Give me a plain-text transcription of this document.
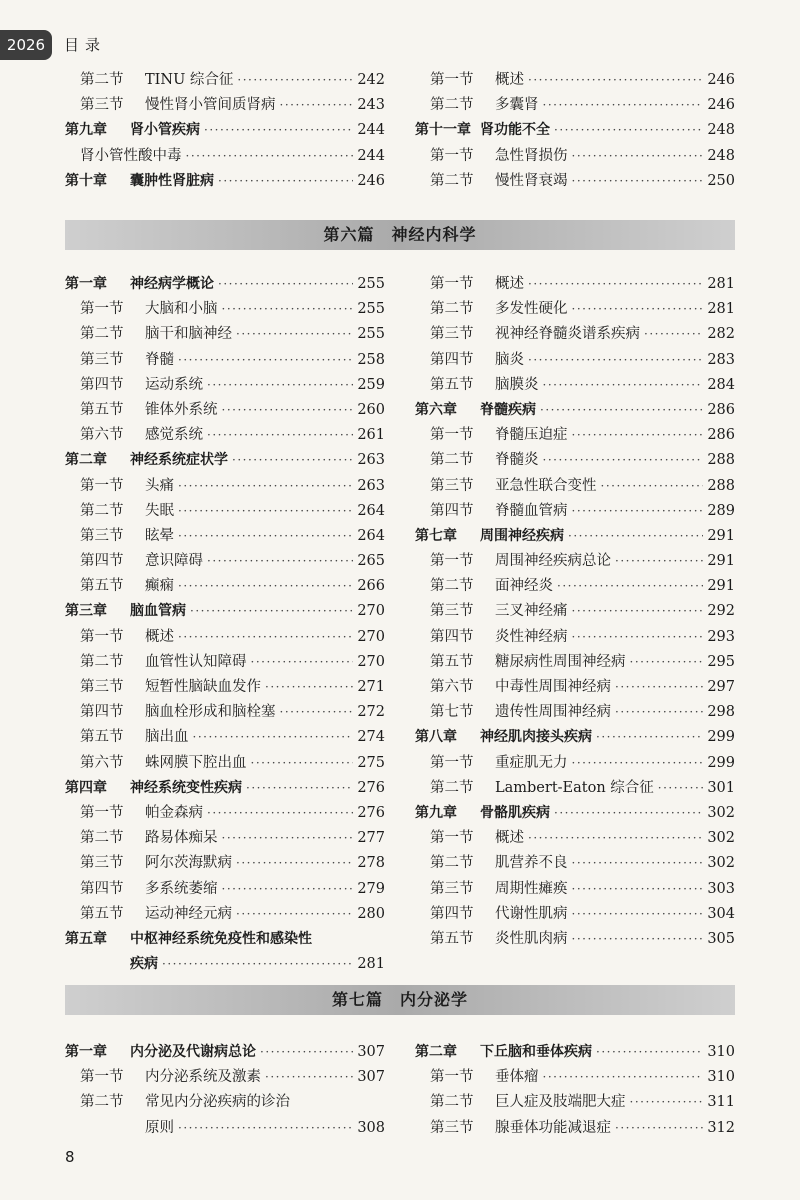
2026	目录
第二节	TINU 综合征 ·····	242
第三节	慢性肾小管间质肾病 ·····	243
第九章	肾小管疾病 ·····	244
肾小管性酸中毒 ·····	244
第十章	囊肿性肾脏病 ·····	246
第一节	概述 ·····	246
第二节	多囊肾 ·····	246
第十一章 肾功能不全 ·····	248
第一节	急性肾损伤 ·····	248
第二节	慢性肾衰竭 ·····	250
第六篇　神经内科学
第一章	神经病学概论 ·····	255
第一节	大脑和小脑 ·····	255
第二节	脑干和脑神经 ·····	255
第三节	脊髓 ·····	258
第四节	运动系统 ·····	259
第五节	锥体外系统 ·····	260
第六节	感觉系统 ·····	261
第二章	神经系统症状学 ·····	263
第一节	头痛 ·····	263
第二节	失眠 ·····	264
第三节	眩晕 ·····	264
第四节	意识障碍 ·····	265
第五节	癫痫 ·····	266
第三章	脑血管病 ·····	270
第一节	概述 ·····	270
第二节	血管性认知障碍 ·····	270
第三节	短暂性脑缺血发作 ·····	271
第四节	脑血栓形成和脑栓塞 ·····	272
第五节	脑出血 ·····	274
第六节	蛛网膜下腔出血 ·····	275
第四章	神经系统变性疾病 ·····	276
第一节	帕金森病 ·····	276
第二节	路易体痴呆 ·····	277
第三节	阿尔茨海默病 ·····	278
第四节	多系统萎缩 ·····	279
第五节	运动神经元病 ·····	280
第五章	中枢神经系统免疫性和感染性
疾病 ·····	281
第一节	概述 ·····	281
第二节	多发性硬化 ·····	281
第三节	视神经脊髓炎谱系疾病 ·····	282
第四节	脑炎 ·····	283
第五节	脑膜炎 ·····	284
第六章	脊髓疾病 ·····	286
第一节	脊髓压迫症 ·····	286
第二节	脊髓炎 ·····	288
第三节	亚急性联合变性 ·····	288
第四节	脊髓血管病 ·····	289
第七章	周围神经疾病 ·····	291
第一节	周围神经疾病总论 ·····	291
第二节	面神经炎 ·····	291
第三节	三叉神经痛 ·····	292
第四节	炎性神经病 ·····	293
第五节	糖尿病性周围神经病 ·····	295
第六节	中毒性周围神经病 ·····	297
第七节	遗传性周围神经病 ·····	298
第八章	神经肌肉接头疾病 ·····	299
第一节	重症肌无力 ·····	299
第二节	Lambert-Eaton 综合征 ·····	301
第九章	骨骼肌疾病 ·····	302
第一节	概述 ·····	302
第二节	肌营养不良 ·····	302
第三节	周期性瘫痪 ·····	303
第四节	代谢性肌病 ·····	304
第五节	炎性肌肉病 ·····	305
第七篇　内分泌学
第一章	内分泌及代谢病总论 ·····	307
第一节	内分泌系统及激素 ·····	307
第二节	常见内分泌疾病的诊治
原则 ·····	308
第二章	下丘脑和垂体疾病 ·····	310
第一节	垂体瘤 ·····	310
第二节	巨人症及肢端肥大症 ·····	311
第三节	腺垂体功能减退症 ·····	312
8
